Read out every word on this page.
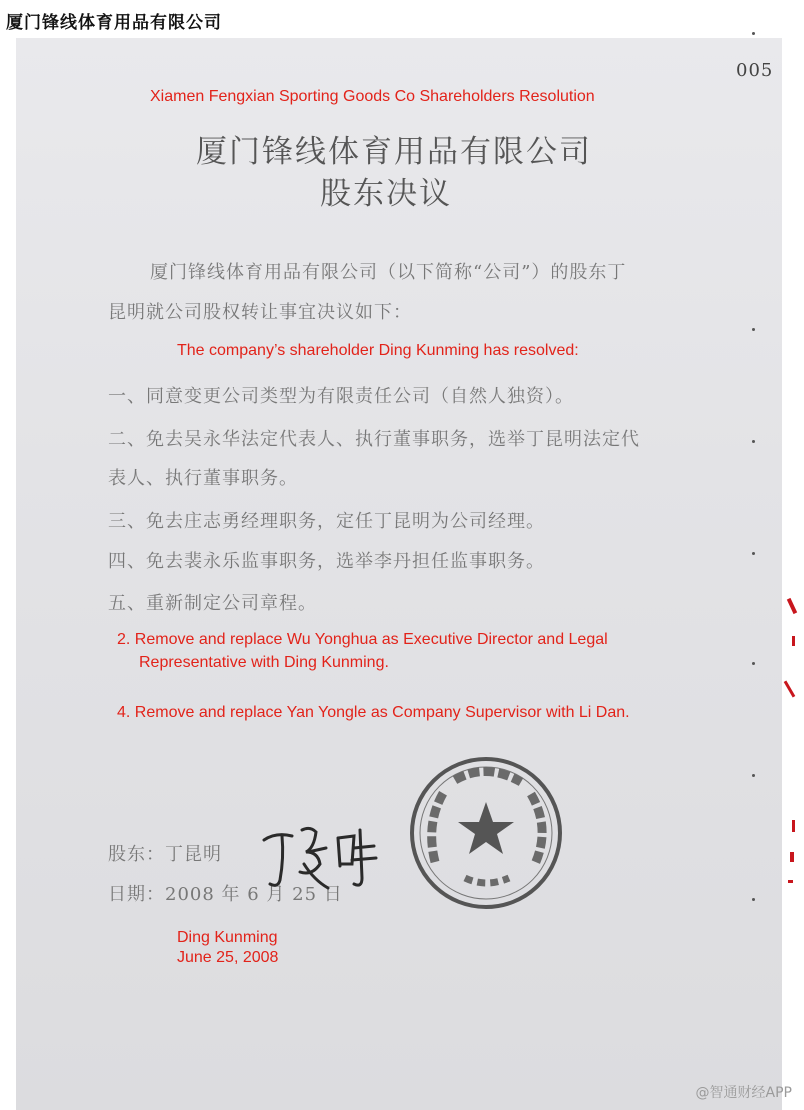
厦门锋线体育用品有限公司
005
Xiamen Fengxian Sporting Goods Co Shareholders Resolution
厦门锋线体育用品有限公司
股东决议
厦门锋线体育用品有限公司（以下简称“公司”）的股东丁
昆明就公司股权转让事宜决议如下：
The company’s shareholder Ding Kunming has resolved:
一、同意变更公司类型为有限责任公司（自然人独资）。
二、免去吴永华法定代表人、执行董事职务，选举丁昆明法定代
表人、执行董事职务。
三、免去庄志勇经理职务，定任丁昆明为公司经理。
四、免去裴永乐监事职务，选举李丹担任监事职务。
五、重新制定公司章程。
2. Remove and replace Wu Yonghua as Executive Director and Legal
Representative with Ding Kunming.
4. Remove and replace Yan Yongle as Company Supervisor with Li Dan.
股东：丁昆明
日期：2008 年 6 月 25 日
Ding Kunming
June 25, 2008
@智通财经APP
